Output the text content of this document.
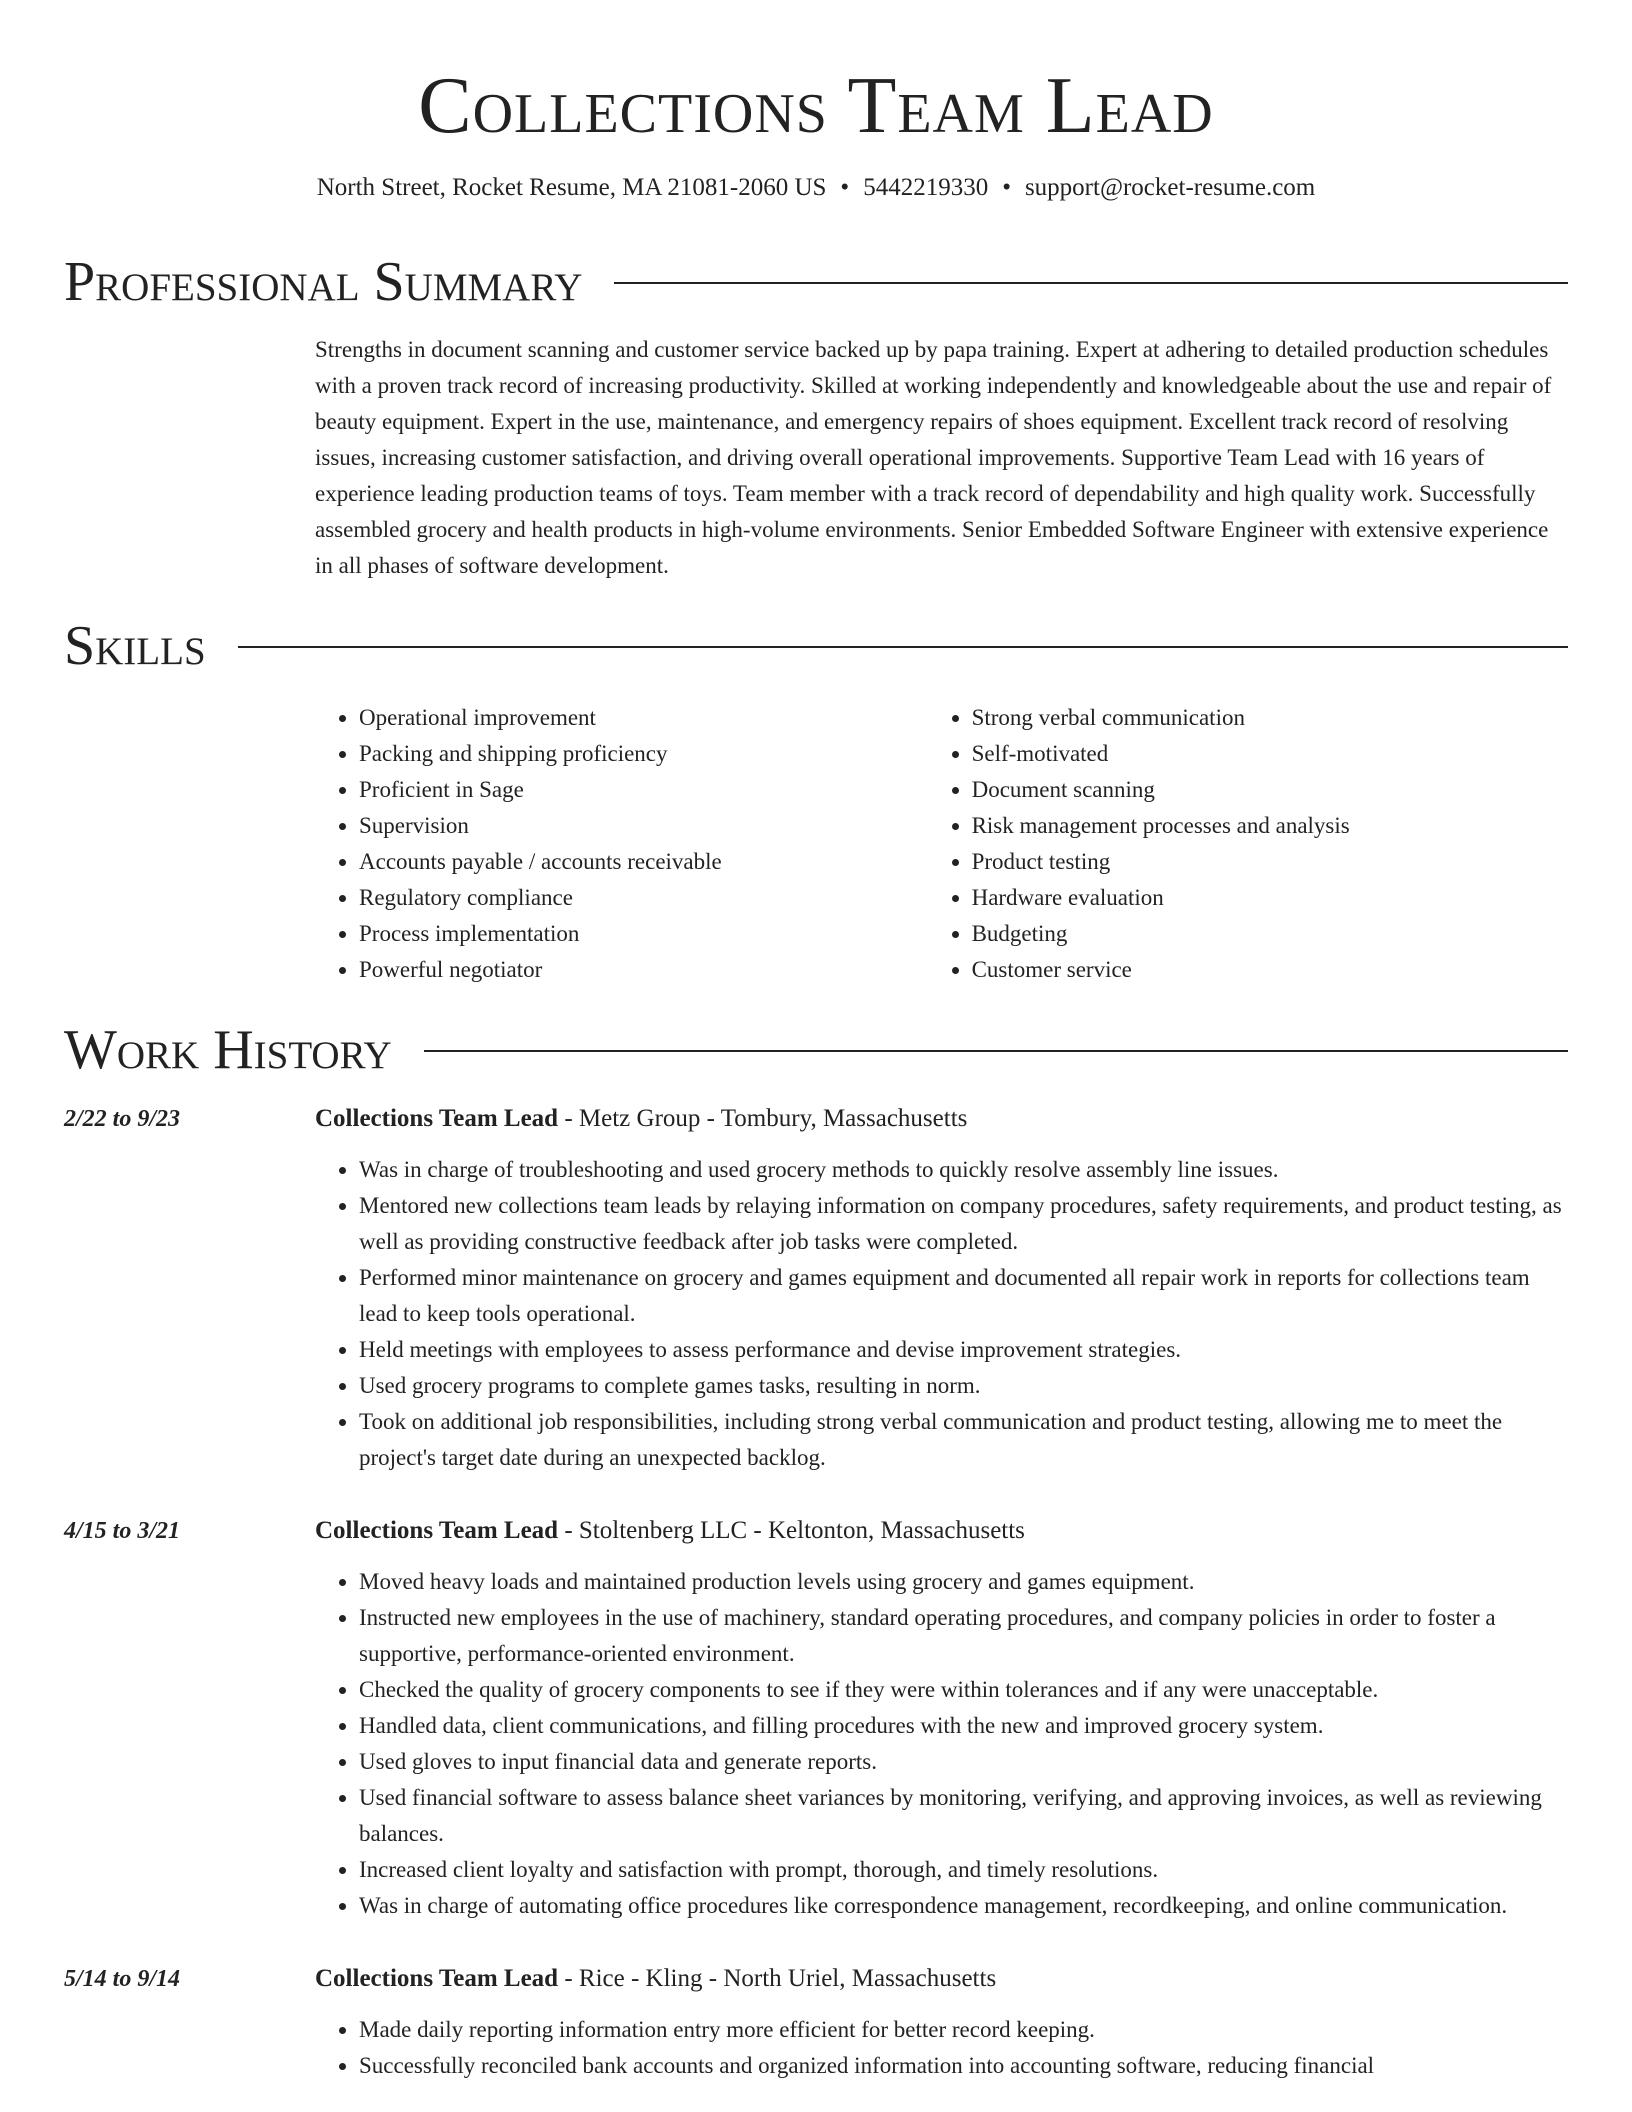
Collections Team Lead
North Street, Rocket Resume, MA 21081-2060 US • 5442219330 • support@rocket-resume.com
Professional Summary
Strengths in document scanning and customer service backed up by papa training. Expert at adhering to detailed production schedules with a proven track record of increasing productivity. Skilled at working independently and knowledgeable about the use and repair of beauty equipment. Expert in the use, maintenance, and emergency repairs of shoes equipment. Excellent track record of resolving issues, increasing customer satisfaction, and driving overall operational improvements. Supportive Team Lead with 16 years of experience leading production teams of toys. Team member with a track record of dependability and high quality work. Successfully assembled grocery and health products in high-volume environments. Senior Embedded Software Engineer with extensive experience in all phases of software development.
Skills
• Operational improvement
• Packing and shipping proficiency
• Proficient in Sage
• Supervision
• Accounts payable / accounts receivable
• Regulatory compliance
• Process implementation
• Powerful negotiator
• Strong verbal communication
• Self-motivated
• Document scanning
• Risk management processes and analysis
• Product testing
• Hardware evaluation
• Budgeting
• Customer service
Work History
2/22 to 9/23	Collections Team Lead - Metz Group - Tombury, Massachusetts
• Was in charge of troubleshooting and used grocery methods to quickly resolve assembly line issues.
• Mentored new collections team leads by relaying information on company procedures, safety requirements, and product testing, as well as providing constructive feedback after job tasks were completed.
• Performed minor maintenance on grocery and games equipment and documented all repair work in reports for collections team lead to keep tools operational.
• Held meetings with employees to assess performance and devise improvement strategies.
• Used grocery programs to complete games tasks, resulting in norm.
• Took on additional job responsibilities, including strong verbal communication and product testing, allowing me to meet the project's target date during an unexpected backlog.
4/15 to 3/21	Collections Team Lead - Stoltenberg LLC - Keltonton, Massachusetts
• Moved heavy loads and maintained production levels using grocery and games equipment.
• Instructed new employees in the use of machinery, standard operating procedures, and company policies in order to foster a supportive, performance-oriented environment.
• Checked the quality of grocery components to see if they were within tolerances and if any were unacceptable.
• Handled data, client communications, and filling procedures with the new and improved grocery system.
• Used gloves to input financial data and generate reports.
• Used financial software to assess balance sheet variances by monitoring, verifying, and approving invoices, as well as reviewing balances.
• Increased client loyalty and satisfaction with prompt, thorough, and timely resolutions.
• Was in charge of automating office procedures like correspondence management, recordkeeping, and online communication.
5/14 to 9/14	Collections Team Lead - Rice - Kling - North Uriel, Massachusetts
• Made daily reporting information entry more efficient for better record keeping.
• Successfully reconciled bank accounts and organized information into accounting software, reducing financial
